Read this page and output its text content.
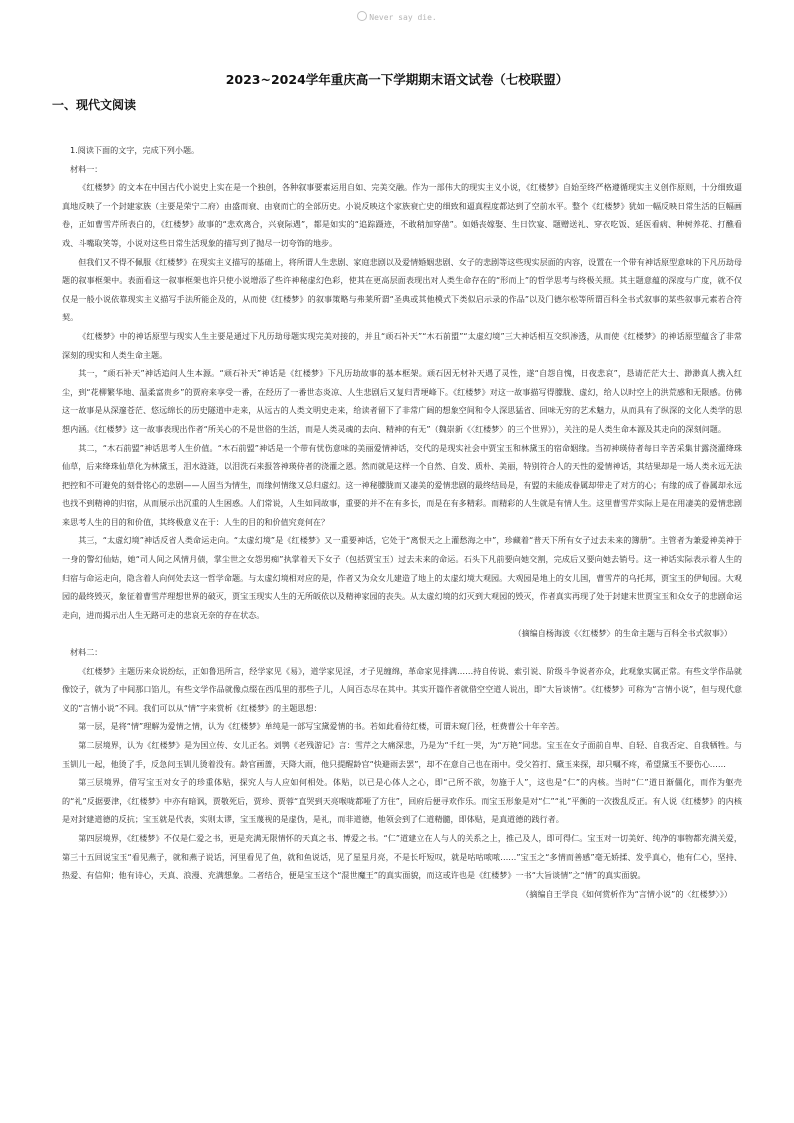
Never say die.
2023~2024学年重庆高一下学期期末语文试卷（七校联盟）
一、现代文阅读

1.阅读下面的文字，完成下列小题。

材料一：

《红楼梦》的文本在中国古代小说史上实在是一个独创，各种叙事要素运用自如、完美交融。作为一部伟大的现实主义小说，《红楼梦》自始至终严格遵循现实主义创作原则，十分细致逼真地反映了一个封建家族（主要是荣宁二府）由盛而衰、由衰而亡的全部历史。小说反映这个家族衰亡史的细致和逼真程度都达到了空前水平。整个《红楼梦》犹如一幅反映日常生活的巨幅画卷，正如曹雪芹所表白的，《红楼梦》故事的“悲欢离合，兴衰际遇”，都是如实的“追踪蹑迹，不敢稍加穿凿”。如婚丧嫁娶、生日饮宴、题赠送礼、穿衣吃饭、延医看病、种树养花、打醮看戏、斗嘴取笑等，小说对这些日常生活现象的描写到了抛尽一切夸饰的地步。

但我们又不得不佩服《红楼梦》在现实主义描写的基础上，将所谓人生悲剧、家庭悲剧以及爱情婚姻悲剧、女子的悲剧等这些现实层面的内容，设置在一个带有神话原型意味的下凡历劫母题的叙事框架中。表面看这一叙事框架也许只使小说增添了些许神秘虚幻色彩，使其在更高层面表现出对人类生命存在的“形而上”的哲学思考与终极关照。其主题意蕴的深度与广度，就不仅仅是一般小说依靠现实主义描写手法所能企及的，从而使《红楼梦》的叙事策略与弗莱所谓“圣典或其他模式下类似启示录的作品”以及门德尔松等所谓百科全书式叙事的某些叙事元素若合符契。

《红楼梦》中的神话原型与现实人生主要是通过下凡历劫母题实现完美对接的，并且“顽石补天”“木石前盟”“太虚幻境”三大神话相互交织渗透，从而使《红楼梦》的神话原型蕴含了非常深刻的现实和人类生命主题。

其一，“顽石补天”神话追问人生本源。“顽石补天”神话是《红楼梦》下凡历劫故事的基本框架。顽石因无材补天遇了灵性，遂“自怨自愧，日夜悲哀”，恳请茫茫大士、渺渺真人携入红尘，到“花柳繁华地、温柔富贵乡”的贾府来享受一番，在经历了一番世态炎凉、人生悲剧后又复归青埂峰下。《红楼梦》对这一故事描写得朦胧、虚幻，给人以时空上的洪荒感和无限感。仿佛这一故事是从深邃苍茫、悠远绵长的历史隧道中走来，从远古的人类文明史走来，给读者留下了非常广阔的想象空间和令人深思猛省、回味无穷的艺术魅力，从而具有了纵深的文化人类学的思想内涵。《红楼梦》这一故事表现出作者“所关心的不是世俗的生活，而是人类灵魂的去向、精神的有无”（魏崇新《〈红楼梦〉的三个世界》），关注的是人类生命本源及其走向的深刻问题。

其二，“木石前盟”神话思考人生价值。“木石前盟”神话是一个带有忧伤意味的美丽爱情神话，交代的是现实社会中贾宝玉和林黛玉的宿命姻缘。当初神瑛侍者每日辛苦采集甘露浇灌绛珠仙草，后来绛珠仙草化为林黛玉，泪水涟涟，以泪洗石来报答神瑛侍者的浇灌之恩。然而就是这样一个自然、自发、质朴、美丽，特别符合人的天性的爱情神话，其结果却是一场人类永远无法把控和不可避免的刻骨铭心的悲剧——人固当为情生，而缘何情缘又总归虚幻。这一神秘朦胧而又凄美的爱情悲剧的最终结局是，有盟的未能成眷属却带走了对方的心；有缘的成了眷属却永远也找不到精神的归宿，从而展示出沉重的人生困惑。人们常说，人生如同故事，重要的并不在有多长，而是在有多精彩。而精彩的人生就是有情人生。这里曹雪芹实际上是在用凄美的爱情悲剧来思考人生的目的和价值，其终极意义在于：人生的目的和价值究竟何在？

其三，“太虚幻境”神话反省人类命运走向。“太虚幻境”是《红楼梦》又一重要神话，它处于“离恨天之上灌愁海之中”，珍藏着“普天下所有女子过去未来的簿册”。主管者为兼爱神美神于一身的警幻仙姑，她“司人间之风情月债，掌尘世之女怨男痴”执掌着天下女子（包括贾宝玉）过去未来的命运。石头下凡前要向她交割，完成后又要向她去销号。这一神话实际表示着人生的归宿与命运走向，隐含着人向何处去这一哲学命题。与太虚幻境相对应的是，作者又为众女儿建造了地上的太虚幻境大观园。大观园是地上的女儿国，曹雪芹的乌托邦，贾宝玉的伊甸园。大观园的最终毁灭，象征着曹雪芹理想世界的破灭，贾宝玉现实人生的无所皈依以及精神家园的丧失。从太虚幻境的幻灭到大观园的毁灭，作者真实再现了处于封建末世贾宝玉和众女子的悲剧命运走向，进而揭示出人生无路可走的悲哀无奈的存在状态。

（摘编自杨海波《〈红楼梦〉的生命主题与百科全书式叙事》）

材料二：

《红楼梦》主题历来众说纷纭，正如鲁迅所言，经学家见《易》，道学家见淫，才子见缠绵，革命家见排满……持自传说、索引说、阶级斗争说者亦众，此观象实属正常。有些文学作品就像饺子，就为了中间那口馅儿，有些文学作品就像点缀在西瓜里的那些子儿，人间百态尽在其中。其实开篇作者就借空空道人说出，即“大旨谈情”。《红楼梦》可称为“言情小说”，但与现代意义的“言情小说”不同。我们可以从“情”字来赏析《红楼梦》的主题思想：

第一层，是将“情”理解为爱情之情，认为《红楼梦》单纯是一部写宝黛爱情的书。若如此看待红楼，可谓未窥门径，枉费曹公十年辛苦。

第二层境界，认为《红楼梦》是为国立传、女儿正名。刘鹗《老残游记》言：雪芹之大痛深悲，乃是为“千红一哭，为“万艳”同悲。宝玉在女子面前自卑、自轻、自我否定、自我牺牲。与玉钏儿一起，他烫了手，反急问玉钏儿烫着没有。龄官画蔷，天降大雨，他只提醒龄官“快避雨去罢”，却不在意自己也在雨中。受父笞打、黛玉来探，却只嘱不疼，希望黛玉不要伤心……

第三层境界，借写宝玉对女子的珍重体贴，探究人与人应如何相处。体贴，以已是心体人之心，即“己所不欲，勿施于人”，这也是“仁”的内核。当时“仁”道日渐僵化，而作为躯壳的“礼”反据要津，《红楼梦》中亦有暗讽，贾敬死后，贾珍、贾蓉“直哭到天亮喉咙都哑了方住”，回府后便寻欢作乐。而宝玉形象是对“仁”“礼”平衡的一次拨乱反正。有人说《红楼梦》的内核是对封建道德的反抗；宝玉就是代表，实则太谬，宝玉蔑视的是虚伪，是礼，而非道德，他领会到了仁道精髓，即体贴，是真道德的践行者。

第四层境界，《红楼梦》不仅是仁爱之书，更是充满无限情怀的天真之书、博爱之书。“仁”道建立在人与人的关系之上，推己及人，即可得仁。宝玉对一切美好、纯净的事物都充满关爱，第三十五回说宝玉“看见燕子，就和燕子说话，河里看见了鱼，就和鱼说话，见了星星月亮，不是长吁短叹，就是咕咕哝哝……”宝玉之“多情而善感”毫无娇揉、发乎真心，他有仁心，坚持、热爱、有信仰；他有诗心，天真、浪漫、充满想象。二者结合，便是宝玉这个“混世魔王”的真实面貌，而这或许也是《红楼梦》一书“大旨谈情”之“情”的真实面貌。

（摘编自王学良《如何赏析作为“言情小说”的〈红楼梦〉》）
